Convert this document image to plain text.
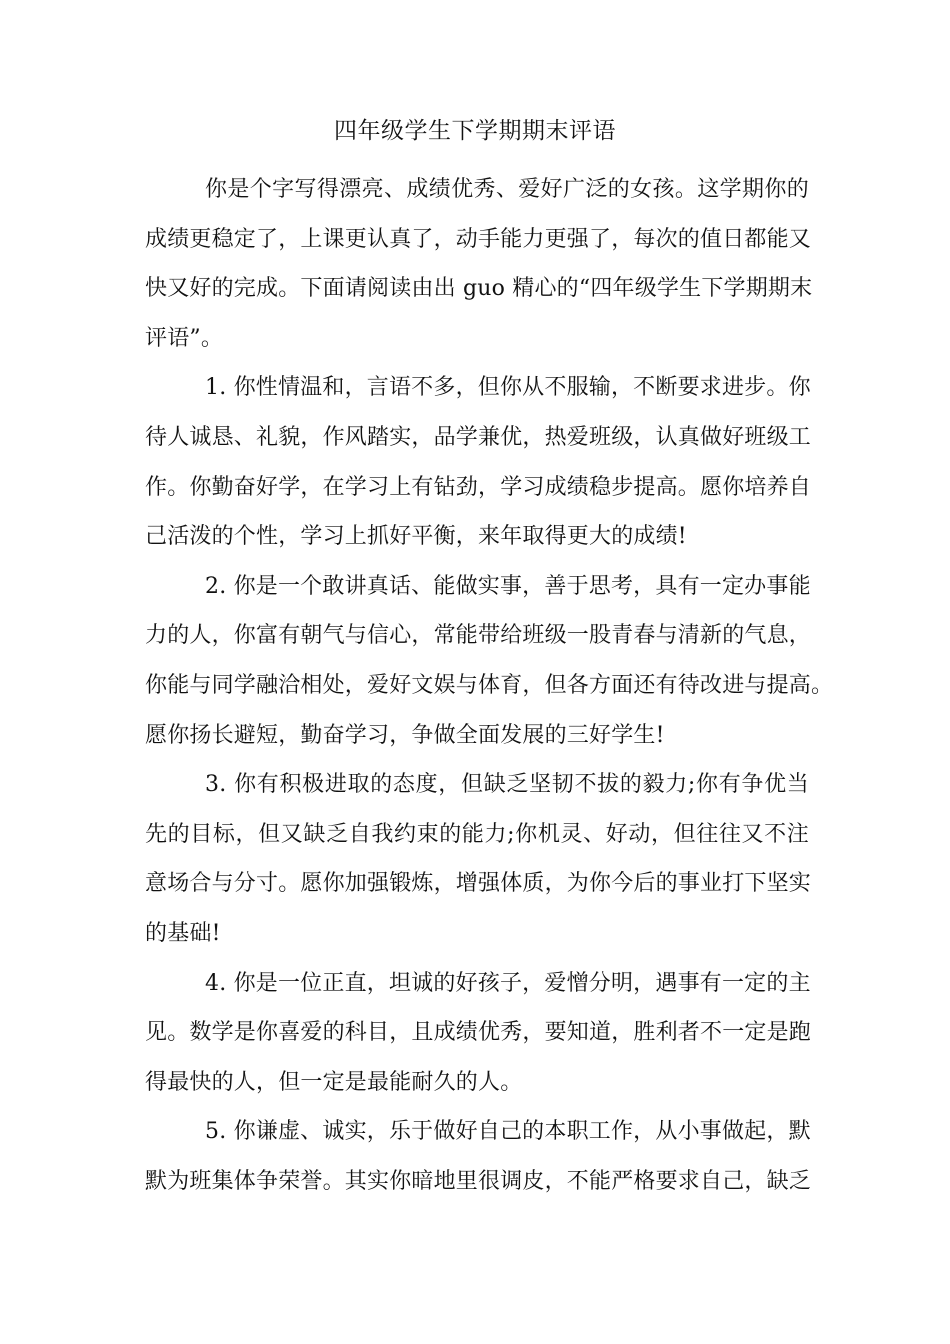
四年级学生下学期期末评语
你是个字写得漂亮、成绩优秀、爱好广泛的女孩。这学期你的
成绩更稳定了，上课更认真了，动手能力更强了，每次的值日都能又
快又好的完成。下面请阅读由出 guo 精心的“四年级学生下学期期末
评语”。
1. 你性情温和，言语不多，但你从不服输，不断要求进步。你
待人诚恳、礼貌，作风踏实，品学兼优，热爱班级，认真做好班级工
作。你勤奋好学，在学习上有钻劲，学习成绩稳步提高。愿你培养自
己活泼的个性，学习上抓好平衡，来年取得更大的成绩!
2. 你是一个敢讲真话、能做实事，善于思考，具有一定办事能
力的人，你富有朝气与信心，常能带给班级一股青春与清新的气息，
你能与同学融洽相处，爱好文娱与体育，但各方面还有待改进与提高。
愿你扬长避短，勤奋学习，争做全面发展的三好学生!
3. 你有积极进取的态度，但缺乏坚韧不拔的毅力;你有争优当
先的目标，但又缺乏自我约束的能力;你机灵、好动，但往往又不注
意场合与分寸。愿你加强锻炼，增强体质，为你今后的事业打下坚实
的基础!
4. 你是一位正直，坦诚的好孩子，爱憎分明，遇事有一定的主
见。数学是你喜爱的科目，且成绩优秀，要知道，胜利者不一定是跑
得最快的人，但一定是最能耐久的人。
5. 你谦虚、诚实，乐于做好自己的本职工作，从小事做起，默
默为班集体争荣誉。其实你暗地里很调皮，不能严格要求自己，缺乏
